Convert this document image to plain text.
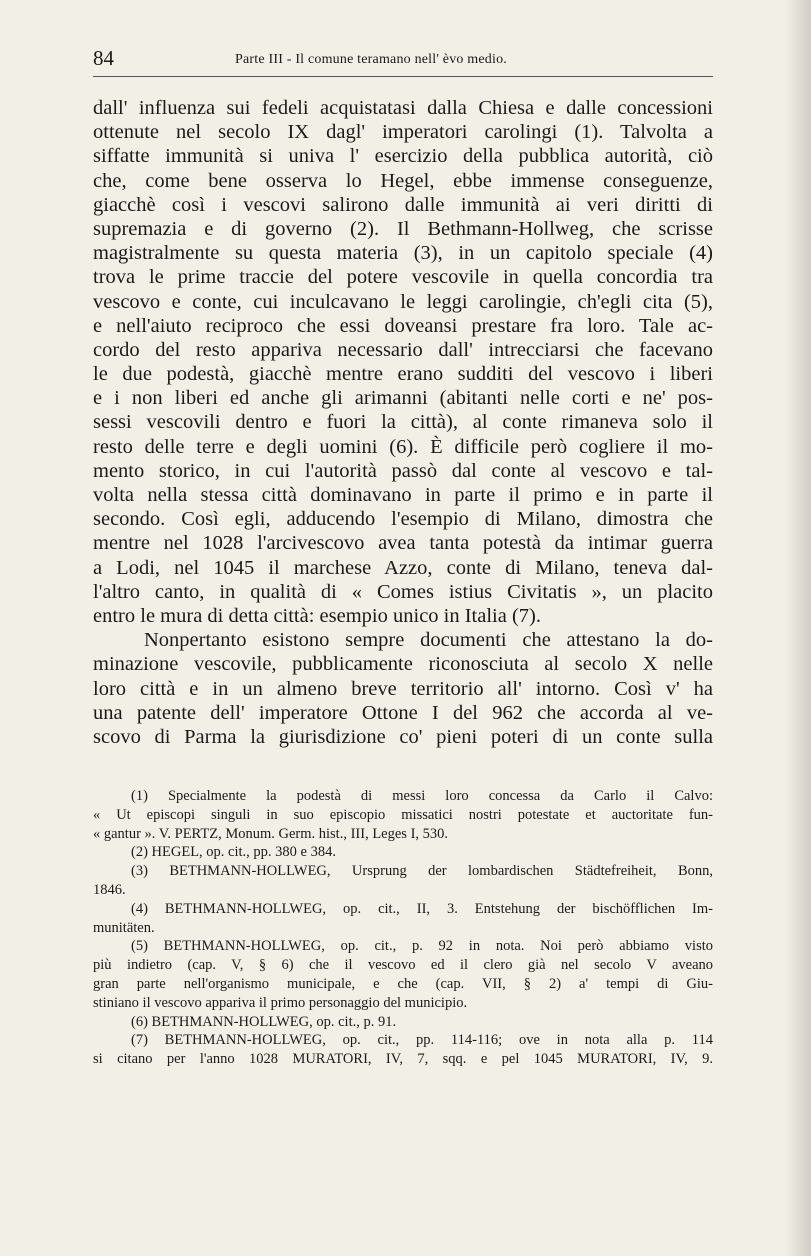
84	Parte III - Il comune teramano nell' èvo medio.
dall' influenza sui fedeli acquistatasi dalla Chiesa e dalle concessioni
ottenute nel secolo IX dagl' imperatori carolingi (1). Talvolta a
siffatte immunità si univa l' esercizio della pubblica autorità, ciò
che, come bene osserva lo Hegel, ebbe immense conseguenze,
giacchè così i vescovi salirono dalle immunità ai veri diritti di
supremazia e di governo (2). Il Bethmann-Hollweg, che scrisse
magistralmente su questa materia (3), in un capitolo speciale (4)
trova le prime traccie del potere vescovile in quella concordia tra
vescovo e conte, cui inculcavano le leggi carolingie, ch'egli cita (5),
e nell'aiuto reciproco che essi doveansi prestare fra loro. Tale ac-
cordo del resto appariva necessario dall' intrecciarsi che facevano
le due podestà, giacchè mentre erano sudditi del vescovo i liberi
e i non liberi ed anche gli arimanni (abitanti nelle corti e ne' pos-
sessi vescovili dentro e fuori la città), al conte rimaneva solo il
resto delle terre e degli uomini (6). È difficile però cogliere il mo-
mento storico, in cui l'autorità passò dal conte al vescovo e tal-
volta nella stessa città dominavano in parte il primo e in parte il
secondo. Così egli, adducendo l'esempio di Milano, dimostra che
mentre nel 1028 l'arcivescovo avea tanta potestà da intimar guerra
a Lodi, nel 1045 il marchese Azzo, conte di Milano, teneva dal-
l'altro canto, in qualità di « Comes istius Civitatis », un placito
entro le mura di detta città: esempio unico in Italia (7).
Nonpertanto esistono sempre documenti che attestano la do-
minazione vescovile, pubblicamente riconosciuta al secolo X nelle
loro città e in un almeno breve territorio all' intorno. Così v' ha
una patente dell' imperatore Ottone I del 962 che accorda al ve-
scovo di Parma la giurisdizione co' pieni poteri di un conte sulla
(1) Specialmente la podestà di messi loro concessa da Carlo il Calvo:
« Ut episcopi singuli in suo episcopio missatici nostri potestate et auctoritate fun-
« gantur ». V. PERTZ, Monum. Germ. hist., III, Leges I, 530.
(2) HEGEL, op. cit., pp. 380 e 384.
(3) BETHMANN-HOLLWEG, Ursprung der lombardischen Städtefreiheit, Bonn,
1846.
(4) BETHMANN-HOLLWEG, op. cit., II, 3. Entstehung der bischöfflichen Im-
munitäten.
(5) BETHMANN-HOLLWEG, op. cit., p. 92 in nota. Noi però abbiamo visto
più indietro (cap. V, § 6) che il vescovo ed il clero già nel secolo V aveano
gran parte nell'organismo municipale, e che (cap. VII, § 2) a' tempi di Giu-
stiniano il vescovo appariva il primo personaggio del municipio.
(6) BETHMANN-HOLLWEG, op. cit., p. 91.
(7) BETHMANN-HOLLWEG, op. cit., pp. 114-116; ove in nota alla p. 114
si citano per l'anno 1028 MURATORI, IV, 7, sqq. e pel 1045 MURATORI, IV, 9.
